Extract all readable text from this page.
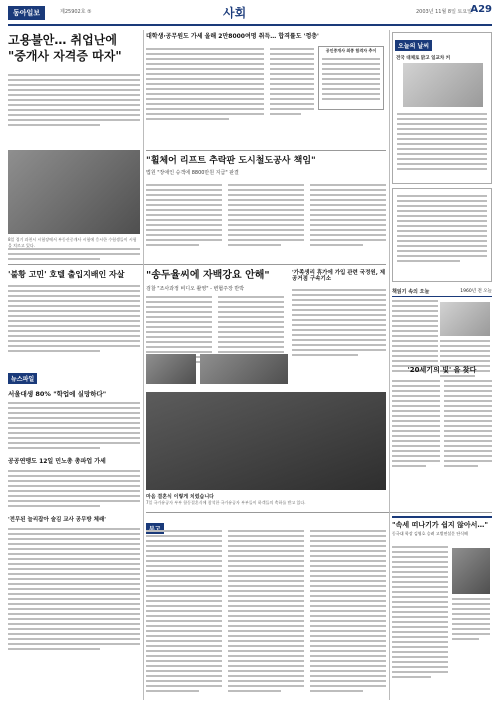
동아일보	제25902호 ⑤	사회	2003년 11월 8일 토요일
A29
고용불안… 취업난에
"중개사 자격증 따자"
8일 경기 과천시 시험장에서 부동산중개사 시험에 응시한 수험생들이 시험을 치르고 있다.
대학생·공무원도 가세 올해 2만8000여명 취득… 합격률도 '껑충'
공인중개사 최종 합격자 추이
오늘의 날씨
전국 대체로 맑고 일교차 커
"휠체어 리프트 추락판 도시철도공사 책임"
법원 "장애인 승객에 8800만원 지급" 판결
'불황 고민' 호텔 출입지배인 자살	"송두율씨에 자백강요 안해"
검찰 "조사과정 비디오 촬영" - 변협주장 반박
'가족생리 휴가에 가입 관련 국정원, 제공거점 구속기소
책읽기 속의 오늘	1960년 전 오늘
'20세기의 빛' 을 찾다
뉴스파일
서울대생 80% "학업에 실망하다"
공공연맹도 12일 민노총 총파업 가세
'전무된 늘리잡아 술김 교사 공무방 체래'
마음 결혼식 이렇게 치렀습니다
7일 국가유공자 부부 합동결혼식에 참석한 국가유공자 부부들이 하객들의 축하를 받고 있다.
"속세 떠나기가 쉽지 않아서…"
동국대 학장 김영호 승려 고별연설문 단식해
